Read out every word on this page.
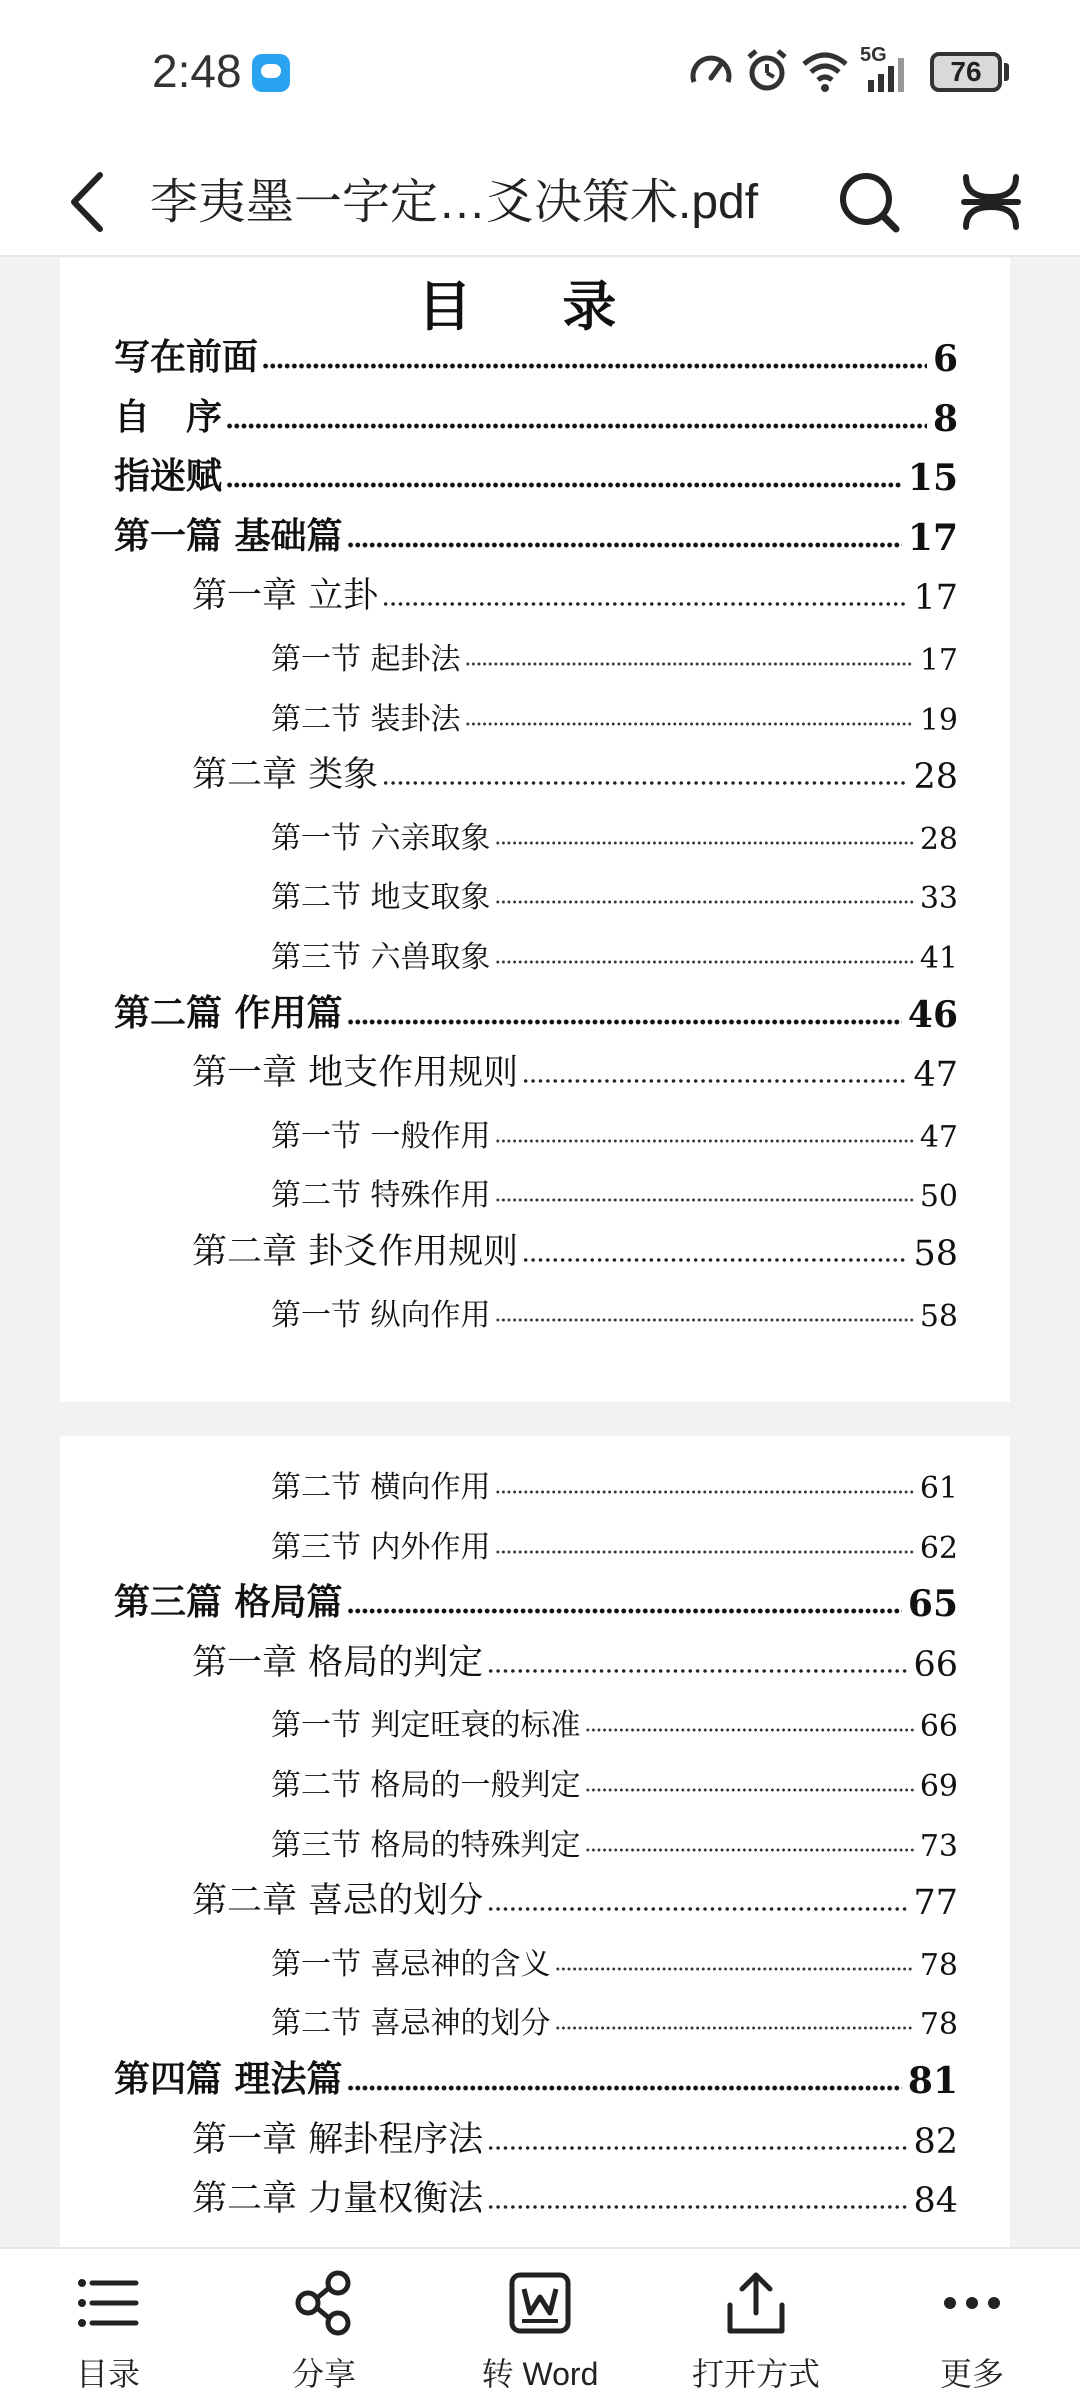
2:48	5G
76
李夷墨一字定…爻决策术.pdf
目 录
写在前面	6
自　序	8
指迷赋	15
第一篇 基础篇	17
第一章 立卦	17
第一节 起卦法	17
第二节 装卦法	19
第二章 类象	28
第一节 六亲取象	28
第二节 地支取象	33
第三节 六兽取象	41
第二篇 作用篇	46
第一章 地支作用规则	47
第一节 一般作用	47
第二节 特殊作用	50
第二章 卦爻作用规则	58
第一节 纵向作用	58
第二节 横向作用	61
第三节 内外作用	62
第三篇 格局篇	65
第一章 格局的判定	66
第一节 判定旺衰的标准	66
第二节 格局的一般判定	69
第三节 格局的特殊判定	73
第二章 喜忌的划分	77
第一节 喜忌神的含义	78
第二节 喜忌神的划分	78
第四篇 理法篇	81
第一章 解卦程序法	82
第二章 力量权衡法	84
目录	分享	转 Word	打开方式	更多
